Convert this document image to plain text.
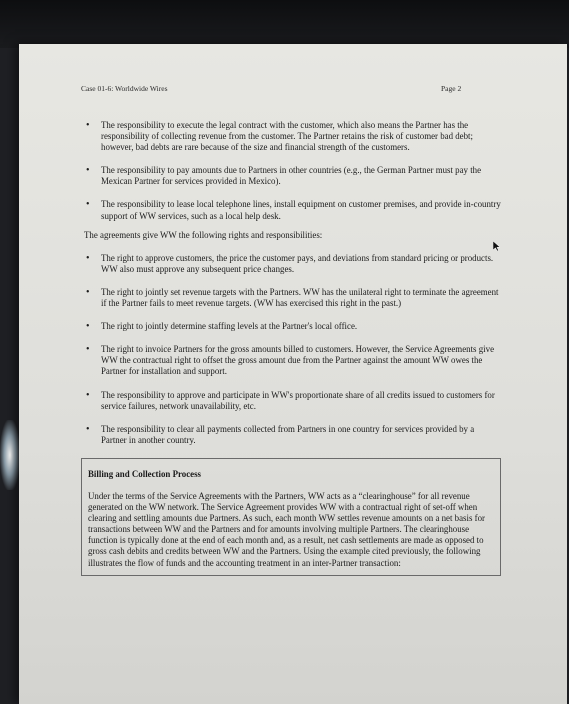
Case 01-6: Worldwide Wires	Page 2
• The responsibility to execute the legal contract with the customer, which also means the Partner has the responsibility of collecting revenue from the customer. The Partner retains the risk of customer bad debt; however, bad debts are rare because of the size and financial strength of the customers.
• The responsibility to pay amounts due to Partners in other countries (e.g., the German Partner must pay the Mexican Partner for services provided in Mexico).
• The responsibility to lease local telephone lines, install equipment on customer premises, and provide in-country support of WW services, such as a local help desk.

The agreements give WW the following rights and responsibilities:

• The right to approve customers, the price the customer pays, and deviations from standard pricing or products. WW also must approve any subsequent price changes.
• The right to jointly set revenue targets with the Partners. WW has the unilateral right to terminate the agreement if the Partner fails to meet revenue targets. (WW has exercised this right in the past.)
• The right to jointly determine staffing levels at the Partner's local office.
• The right to invoice Partners for the gross amounts billed to customers. However, the Service Agreements give WW the contractual right to offset the gross amount due from the Partner against the amount WW owes the Partner for installation and support.
• The responsibility to approve and participate in WW's proportionate share of all credits issued to customers for service failures, network unavailability, etc.
• The responsibility to clear all payments collected from Partners in one country for services provided by a Partner in another country.
Billing and Collection Process

Under the terms of the Service Agreements with the Partners, WW acts as a “clearinghouse” for all revenue generated on the WW network. The Service Agreement provides WW with a contractual right of set-off when clearing and settling amounts due Partners. As such, each month WW settles revenue amounts on a net basis for transactions between WW and the Partners and for amounts involving multiple Partners. The clearinghouse function is typically done at the end of each month and, as a result, net cash settlements are made as opposed to gross cash debits and credits between WW and the Partners. Using the example cited previously, the following illustrates the flow of funds and the accounting treatment in an inter-Partner transaction:
